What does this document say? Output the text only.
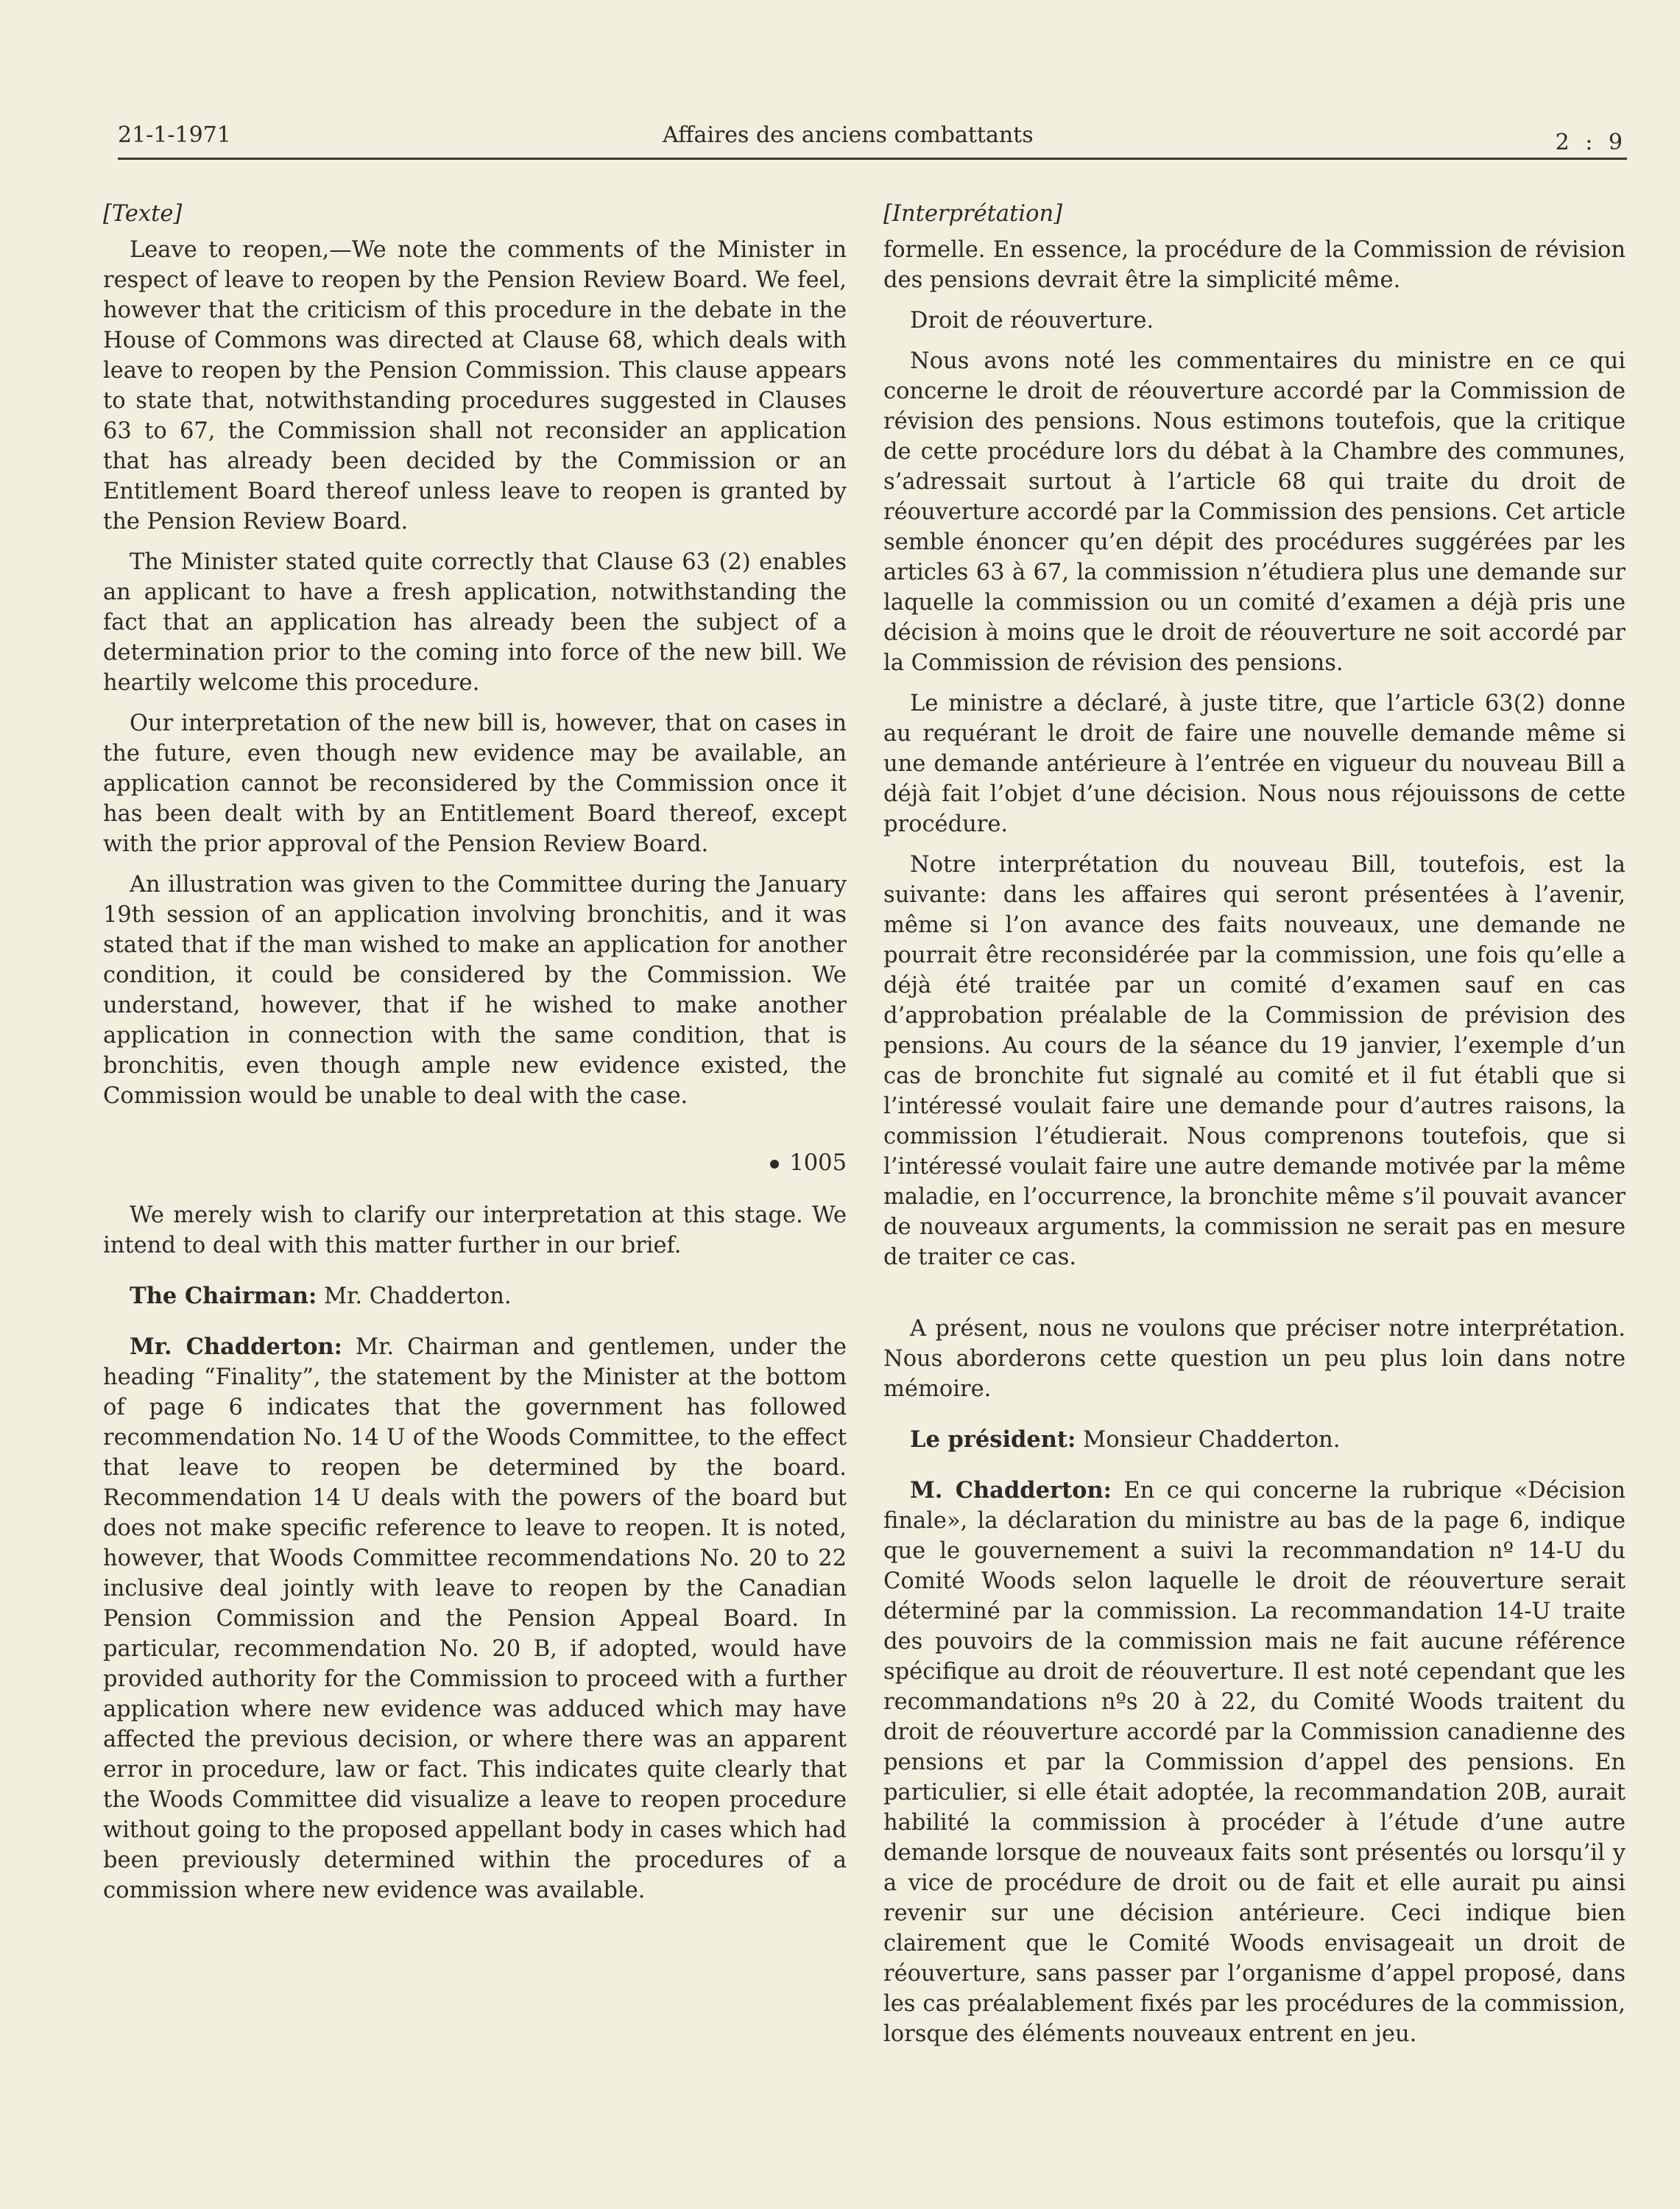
21-1-1971	Affaires des anciens combattants	2 : 9

[Texte]

Leave to reopen,—We note the comments of the Minister in respect of leave to reopen by the Pension Review Board. We feel, however that the criticism of this procedure in the debate in the House of Commons was directed at Clause 68, which deals with leave to reopen by the Pension Commission. This clause appears to state that, notwithstanding procedures suggested in Clauses 63 to 67, the Commission shall not reconsider an application that has already been decided by the Commission or an Entitlement Board thereof unless leave to reopen is granted by the Pension Review Board.

The Minister stated quite correctly that Clause 63 (2) enables an applicant to have a fresh application, notwithstanding the fact that an application has already been the subject of a determination prior to the coming into force of the new bill. We heartily welcome this procedure.

Our interpretation of the new bill is, however, that on cases in the future, even though new evidence may be available, an application cannot be reconsidered by the Commission once it has been dealt with by an Entitlement Board thereof, except with the prior approval of the Pension Review Board.

An illustration was given to the Committee during the January 19th session of an application involving bronchitis, and it was stated that if the man wished to make an application for another condition, it could be considered by the Commission. We understand, however, that if he wished to make another application in connection with the same condition, that is bronchitis, even though ample new evidence existed, the Commission would be unable to deal with the case.

1005

We merely wish to clarify our interpretation at this stage. We intend to deal with this matter further in our brief.

The Chairman: Mr. Chadderton.

Mr. Chadderton: Mr. Chairman and gentlemen, under the heading “Finality”, the statement by the Minister at the bottom of page 6 indicates that the government has followed recommendation No. 14 U of the Woods Committee, to the effect that leave to reopen be determined by the board. Recommendation 14 U deals with the powers of the board but does not make specific reference to leave to reopen. It is noted, however, that Woods Committee recommendations No. 20 to 22 inclusive deal jointly with leave to reopen by the Canadian Pension Commission and the Pension Appeal Board. In particular, recommendation No. 20 B, if adopted, would have provided authority for the Commission to proceed with a further application where new evidence was adduced which may have affected the previous decision, or where there was an apparent error in procedure, law or fact. This indicates quite clearly that the Woods Committee did visualize a leave to reopen procedure without going to the proposed appellant body in cases which had been previously determined within the procedures of a commission where new evidence was available.

[Interprétation]

formelle. En essence, la procédure de la Commission de révision des pensions devrait être la simplicité même.

Droit de réouverture.

Nous avons noté les commentaires du ministre en ce qui concerne le droit de réouverture accordé par la Commission de révision des pensions. Nous estimons toutefois, que la critique de cette procédure lors du débat à la Chambre des communes, s’adressait surtout à l’article 68 qui traite du droit de réouverture accordé par la Commission des pensions. Cet article semble énoncer qu’en dépit des procédures suggérées par les articles 63 à 67, la commission n’étudiera plus une demande sur laquelle la commission ou un comité d’examen a déjà pris une décision à moins que le droit de réouverture ne soit accordé par la Commission de révision des pensions.

Le ministre a déclaré, à juste titre, que l’article 63(2) donne au requérant le droit de faire une nouvelle demande même si une demande antérieure à l’entrée en vigueur du nouveau Bill a déjà fait l’objet d’une décision. Nous nous réjouissons de cette procédure.

Notre interprétation du nouveau Bill, toutefois, est la suivante: dans les affaires qui seront présentées à l’avenir, même si l’on avance des faits nouveaux, une demande ne pourrait être reconsidérée par la commission, une fois qu’elle a déjà été traitée par un comité d’examen sauf en cas d’approbation préalable de la Commission de prévision des pensions. Au cours de la séance du 19 janvier, l’exemple d’un cas de bronchite fut signalé au comité et il fut établi que si l’intéressé voulait faire une demande pour d’autres raisons, la commission l’étudierait. Nous comprenons toutefois, que si l’intéressé voulait faire une autre demande motivée par la même maladie, en l’occurrence, la bronchite même s’il pouvait avancer de nouveaux arguments, la commission ne serait pas en mesure de traiter ce cas.

A présent, nous ne voulons que préciser notre interprétation. Nous aborderons cette question un peu plus loin dans notre mémoire.

Le président: Monsieur Chadderton.

M. Chadderton: En ce qui concerne la rubrique «Décision finale», la déclaration du ministre au bas de la page 6, indique que le gouvernement a suivi la recommandation nº 14-U du Comité Woods selon laquelle le droit de réouverture serait déterminé par la commission. La recommandation 14-U traite des pouvoirs de la commission mais ne fait aucune référence spécifique au droit de réouverture. Il est noté cependant que les recommandations nºs 20 à 22, du Comité Woods traitent du droit de réouverture accordé par la Commission canadienne des pensions et par la Commission d’appel des pensions. En particulier, si elle était adoptée, la recommandation 20B, aurait habilité la commission à procéder à l’étude d’une autre demande lorsque de nouveaux faits sont présentés ou lorsqu’il y a vice de procédure de droit ou de fait et elle aurait pu ainsi revenir sur une décision antérieure. Ceci indique bien clairement que le Comité Woods envisageait un droit de réouverture, sans passer par l’organisme d’appel proposé, dans les cas préalablement fixés par les procédures de la commission, lorsque des éléments nouveaux entrent en jeu.
